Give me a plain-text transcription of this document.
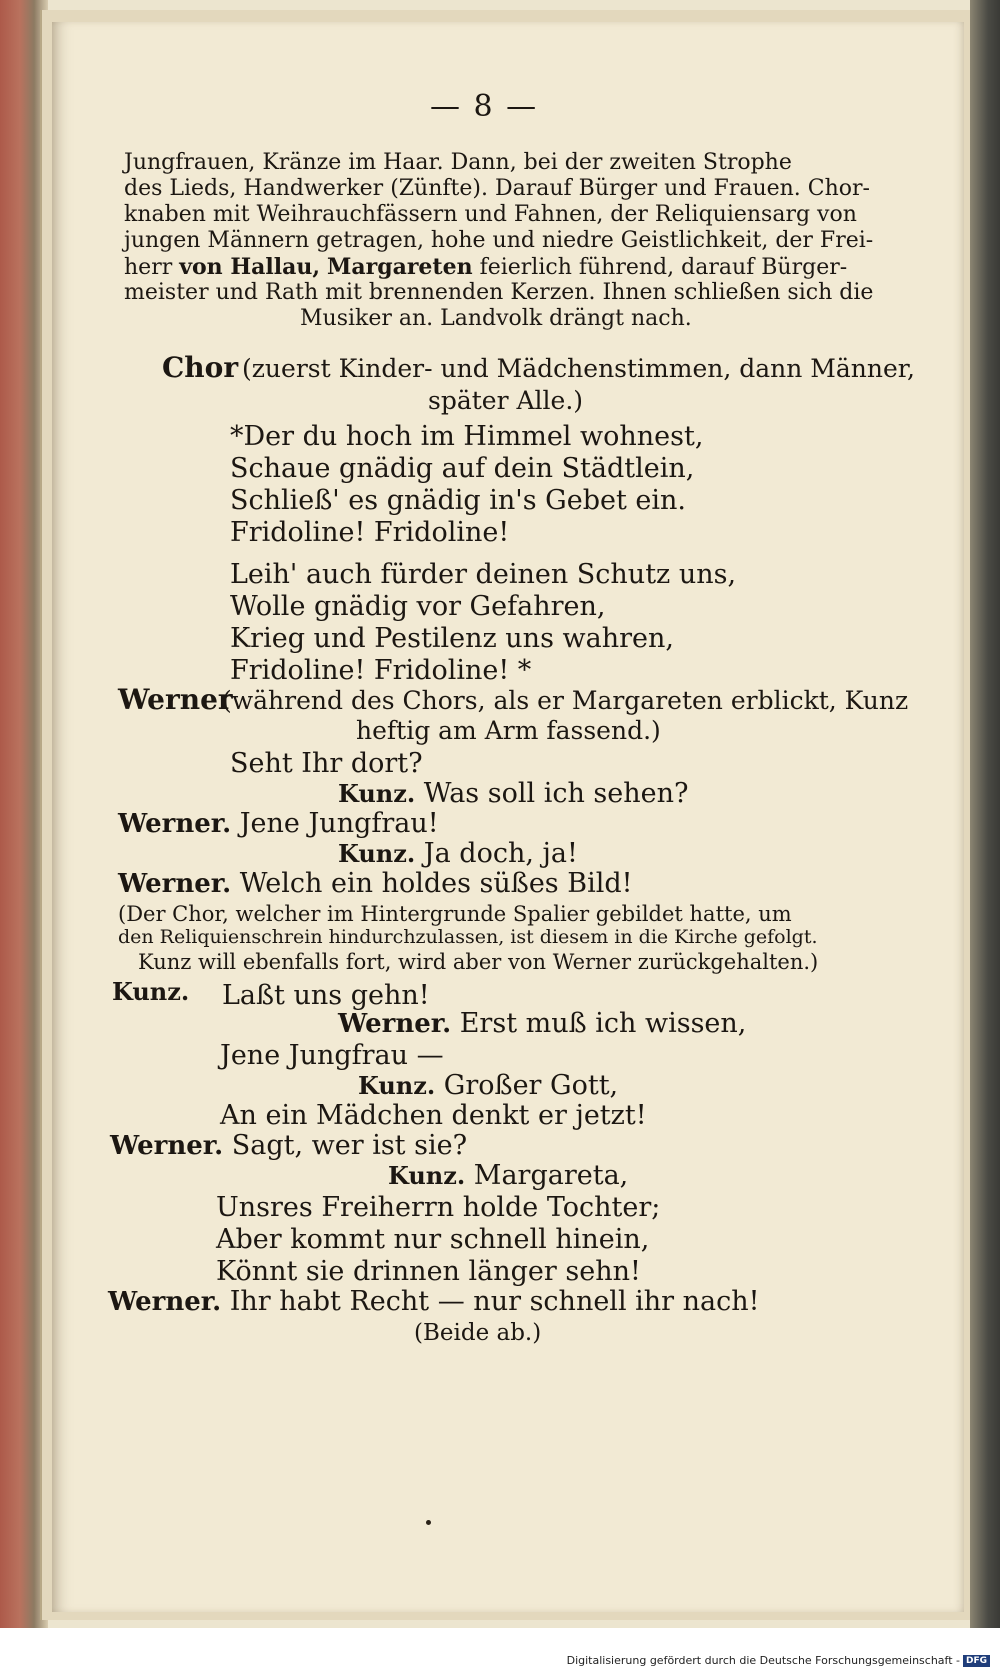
— 8 —
Jungfrauen, Kränze im Haar. Dann, bei der zweiten Strophe
des Lieds, Handwerker (Zünfte). Darauf Bürger und Frauen. Chor-
knaben mit Weihrauchfässern und Fahnen, der Reliquiensarg von
jungen Männern getragen, hohe und niedre Geistlichkeit, der Frei-
herr von Hallau, Margareten feierlich führend, darauf Bürger-
meister und Rath mit brennenden Kerzen. Ihnen schließen sich die
Musiker an. Landvolk drängt nach.
Chor (zuerst Kinder- und Mädchenstimmen, dann Männer,
später Alle.)
*Der du hoch im Himmel wohnest,
Schaue gnädig auf dein Städtlein,
Schließ' es gnädig in's Gebet ein.
Fridoline! Fridoline!
Leih' auch fürder deinen Schutz uns,
Wolle gnädig vor Gefahren,
Krieg und Pestilenz uns wahren,
Fridoline! Fridoline! *
Werner
(während des Chors, als er Margareten erblickt, Kunz
heftig am Arm fassend.)
Seht Ihr dort?
Kunz. Was soll ich sehen?
Werner. Jene Jungfrau!
Kunz. Ja doch, ja!
Werner. Welch ein holdes süßes Bild!
(Der Chor, welcher im Hintergrunde Spalier gebildet hatte, um
den Reliquienschrein hindurchzulassen, ist diesem in die Kirche gefolgt.
Kunz will ebenfalls fort, wird aber von Werner zurückgehalten.)
Kunz. Laßt uns gehn!
Werner. Erst muß ich wissen,
Jene Jungfrau —
Kunz. Großer Gott,
An ein Mädchen denkt er jetzt!
Werner. Sagt, wer ist sie?
Kunz. Margareta,
Unsres Freiherrn holde Tochter;
Aber kommt nur schnell hinein,
Könnt sie drinnen länger sehn!
Werner. Ihr habt Recht — nur schnell ihr nach!
(Beide ab.)
Digitalisierung gefördert durch die Deutsche Forschungsgemeinschaft - DFG
